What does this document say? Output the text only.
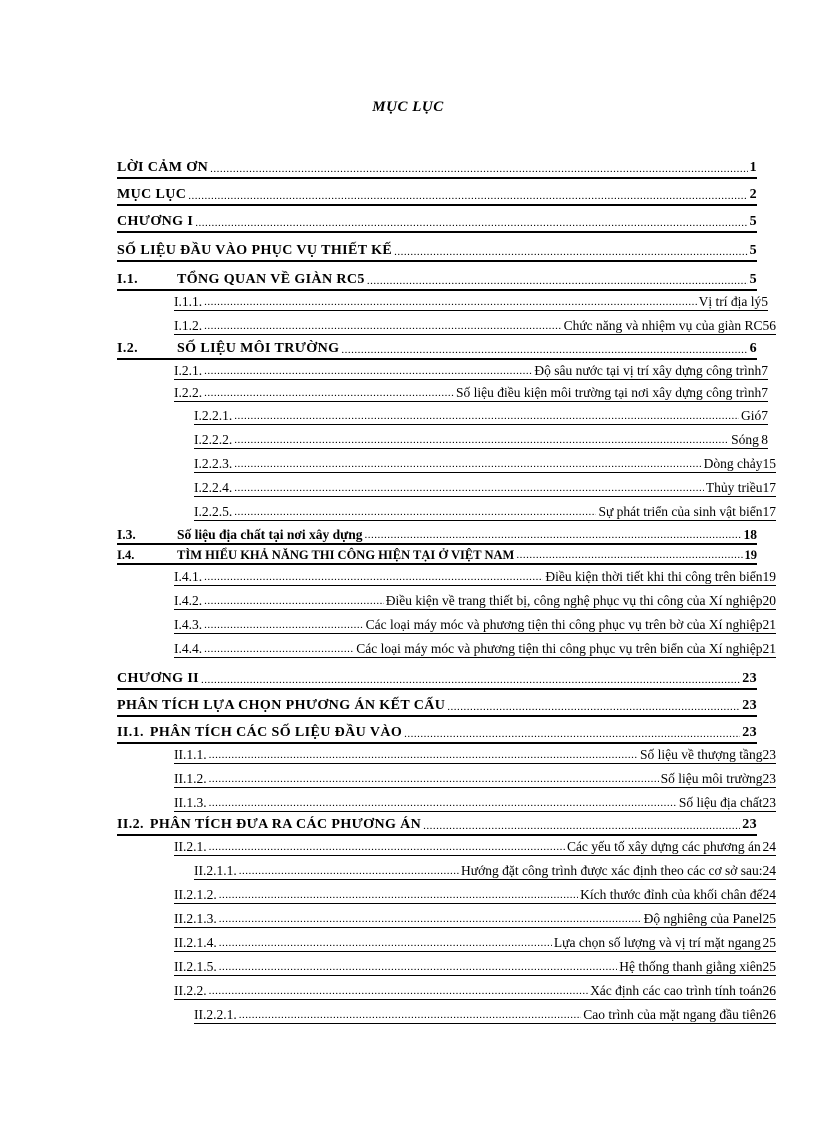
MỤC LỤC
LỜI CẢM ƠN .....	1
MỤC LỤC .....	2
CHƯƠNG I .....	5
SỐ LIỆU ĐẦU VÀO PHỤC VỤ THIẾT KẾ .....	5
I.1.	TỔNG QUAN VỀ GIÀN RC5 .....	5
I.1.1. .....	Vị trí địa lý 5
I.1.2. .....	Chức năng và nhiệm vụ của giàn RC5 6
I.2.	SỐ LIỆU MÔI TRƯỜNG .....	6
I.2.1. .....	Độ sâu nước tại vị trí xây dựng công trình 7
I.2.2. .....	Số liệu điều kiện môi trường tại nơi xây dựng công trình 7
I.2.2.1. .....	Gió 7
I.2.2.2. .....	Sóng 8
I.2.2.3. .....	Dòng chảy 15
I.2.2.4. .....	Thủy triều 17
I.2.2.5. .....	Sự phát triển của sinh vật biển 17
I.3.	Số liệu địa chất tại nơi xây dựng .....	18
I.4.	TÌM HIỂU KHẢ NĂNG THI CÔNG HIỆN TẠI Ở VIỆT NAM .....	19
I.4.1. .....	Điều kiện thời tiết khi thi công trên biển 19
I.4.2. .....	Điều kiện về trang thiết bị, công nghệ phục vụ thi công của Xí nghiệp 20
I.4.3. .....	Các loại máy móc và phương tiện thi công phục vụ trên bờ của Xí nghiệp 21
I.4.4. .....	Các loại máy móc và phương tiện thi công phục vụ trên biển của Xí nghiệp 21
CHƯƠNG II .....	23
PHÂN TÍCH LỰA CHỌN PHƯƠNG ÁN KẾT CẤU .....	23
II.1. PHÂN TÍCH CÁC SỐ LIỆU ĐẦU VÀO .....	23
II.1.1. .....	Số liệu về thượng tầng 23
II.1.2. .....	Số liệu môi trường 23
II.1.3. .....	Số liệu địa chất 23
II.2. PHÂN TÍCH ĐƯA RA CÁC PHƯƠNG ÁN .....	23
II.2.1. .....	Các yếu tố xây dựng các phương án 24
II.2.1.1. .....	Hướng đặt công trình được xác định theo các cơ sở sau: 24
II.2.1.2. .....	Kích thước đỉnh của khối chân đế 24
II.2.1.3. .....	Độ nghiêng của Panel 25
II.2.1.4. .....	Lựa chọn số lượng và vị trí mặt ngang 25
II.2.1.5. .....	Hệ thống thanh giằng xiên 25
II.2.2. .....	Xác định các cao trình tính toán 26
II.2.2.1. .....	Cao trình của mặt ngang đầu tiên 26
